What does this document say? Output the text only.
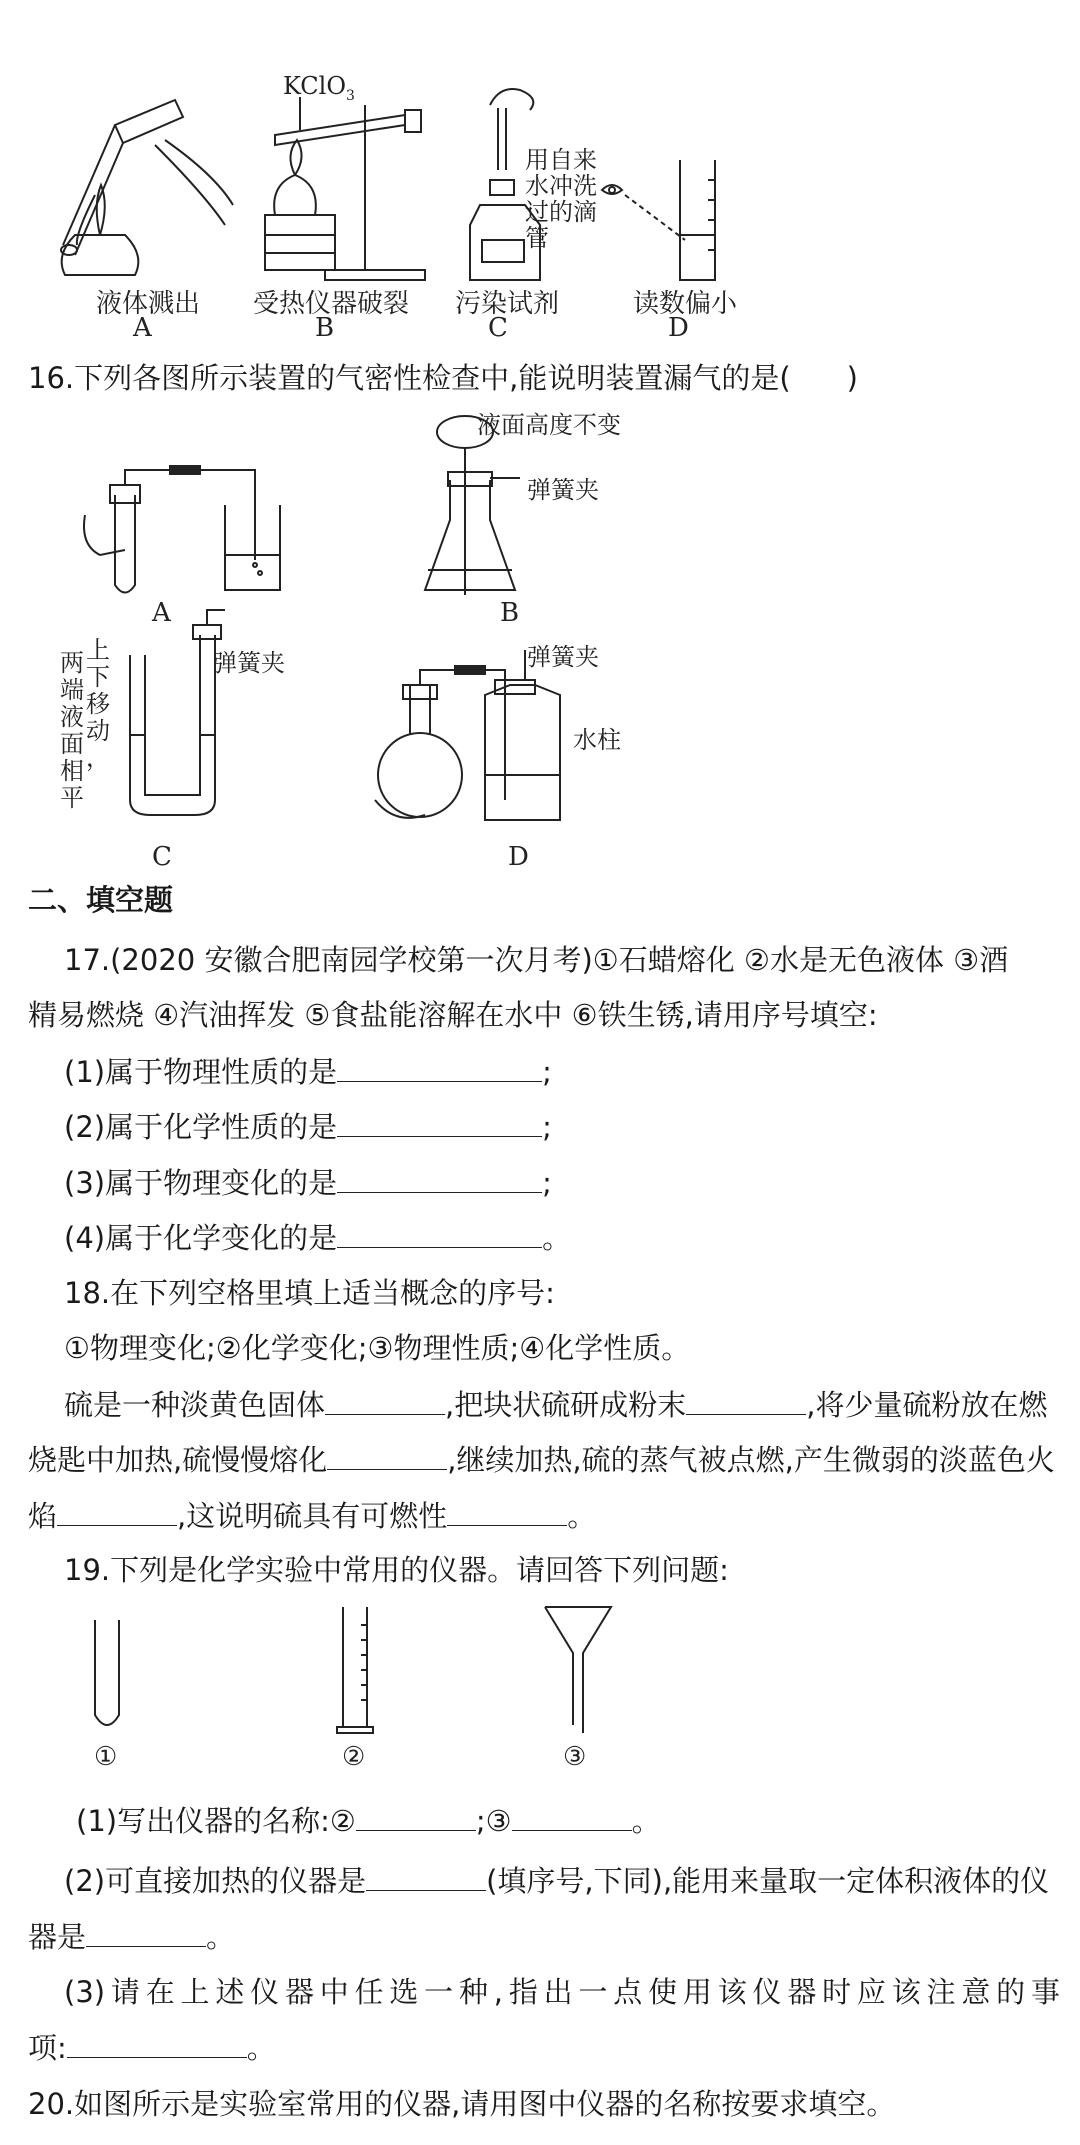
KClO$_3$
用自来
水冲洗
过的滴
管
液体溅出 受热仪器破裂 污染试剂	读数偏小
A	B	C	D
16.下列各图所示装置的气密性检查中,能说明装置漏气的是( )
A
液面高度不变
弹簧夹
B
弹簧夹
两
端
液
面
相
平
上
下
移
动
，
C
弹簧夹
水柱
D
二、填空题
17.(2020 安徽合肥南园学校第一次月考)①石蜡熔化 ②水是无色液体 ③酒
精易燃烧 ④汽油挥发 ⑤食盐能溶解在水中 ⑥铁生锈,请用序号填空:
(1)属于物理性质的是	;
(2)属于化学性质的是	;
(3)属于物理变化的是	;
(4)属于化学变化的是	。
18.在下列空格里填上适当概念的序号:
①物理变化;②化学变化;③物理性质;④化学性质。
硫是一种淡黄色固体	,把块状硫研成粉末	,将少量硫粉放在燃
烧匙中加热,硫慢慢熔化	,继续加热,硫的蒸气被点燃,产生微弱的淡蓝色火
焰	,这说明硫具有可燃性	。
19.下列是化学实验中常用的仪器。请回答下列问题:
①	②	③
(1)写出仪器的名称:②	;③	。
(2)可直接加热的仪器是	(填序号,下同),能用来量取一定体积液体的仪
器是	。
(3)请在上述仪器中任选一种,指出一点使用该仪器时应该注意的事
项:	。
20.如图所示是实验室常用的仪器,请用图中仪器的名称按要求填空。
